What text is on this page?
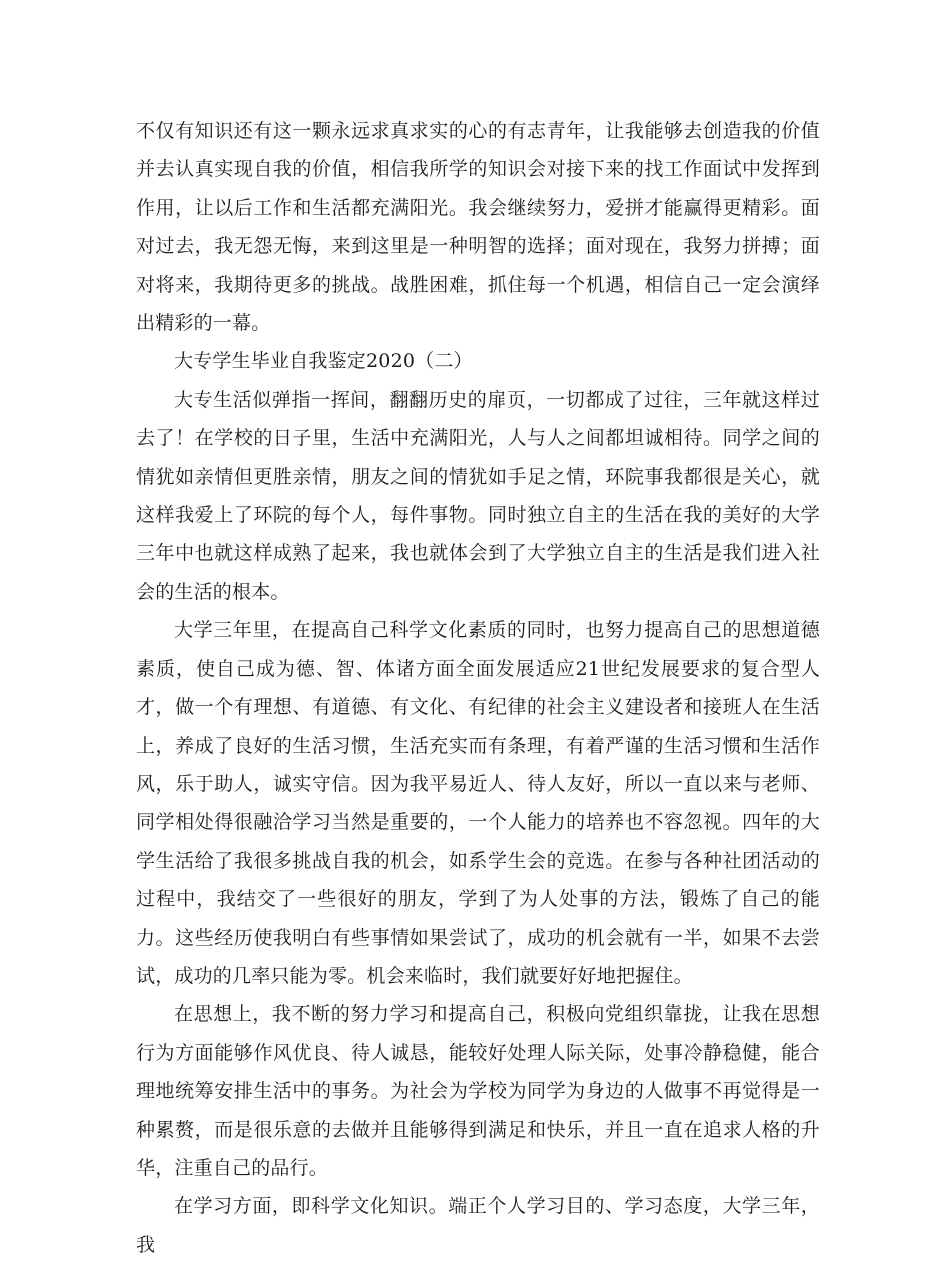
不仅有知识还有这一颗永远求真求实的心的有志青年，让我能够去创造我的价值并去认真实现自我的价值，相信我所学的知识会对接下来的找工作面试中发挥到作用，让以后工作和生活都充满阳光。我会继续努力，爱拼才能赢得更精彩。面对过去，我无怨无悔，来到这里是一种明智的选择；面对现在，我努力拼搏；面对将来，我期待更多的挑战。战胜困难，抓住每一个机遇，相信自己一定会演绎出精彩的一幕。

大专学生毕业自我鉴定2020（二）

大专生活似弹指一挥间，翻翻历史的扉页，一切都成了过往，三年就这样过去了！在学校的日子里，生活中充满阳光，人与人之间都坦诚相待。同学之间的情犹如亲情但更胜亲情，朋友之间的情犹如手足之情，环院事我都很是关心，就这样我爱上了环院的每个人，每件事物。同时独立自主的生活在我的美好的大学三年中也就这样成熟了起来，我也就体会到了大学独立自主的生活是我们进入社会的生活的根本。

大学三年里，在提高自己科学文化素质的同时，也努力提高自己的思想道德素质，使自己成为德、智、体诸方面全面发展适应21世纪发展要求的复合型人才，做一个有理想、有道德、有文化、有纪律的社会主义建设者和接班人在生活上，养成了良好的生活习惯，生活充实而有条理，有着严谨的生活习惯和生活作风，乐于助人，诚实守信。因为我平易近人、待人友好，所以一直以来与老师、同学相处得很融洽学习当然是重要的，一个人能力的培养也不容忽视。四年的大学生活给了我很多挑战自我的机会，如系学生会的竞选。在参与各种社团活动的过程中，我结交了一些很好的朋友，学到了为人处事的方法，锻炼了自己的能力。这些经历使我明白有些事情如果尝试了，成功的机会就有一半，如果不去尝试，成功的几率只能为零。机会来临时，我们就要好好地把握住。

在思想上，我不断的努力学习和提高自己，积极向党组织靠拢，让我在思想行为方面能够作风优良、待人诚恳，能较好处理人际关际，处事冷静稳健，能合理地统筹安排生活中的事务。为社会为学校为同学为身边的人做事不再觉得是一种累赘，而是很乐意的去做并且能够得到满足和快乐，并且一直在追求人格的升华，注重自己的品行。

在学习方面，即科学文化知识。端正个人学习目的、学习态度，大学三年，我
